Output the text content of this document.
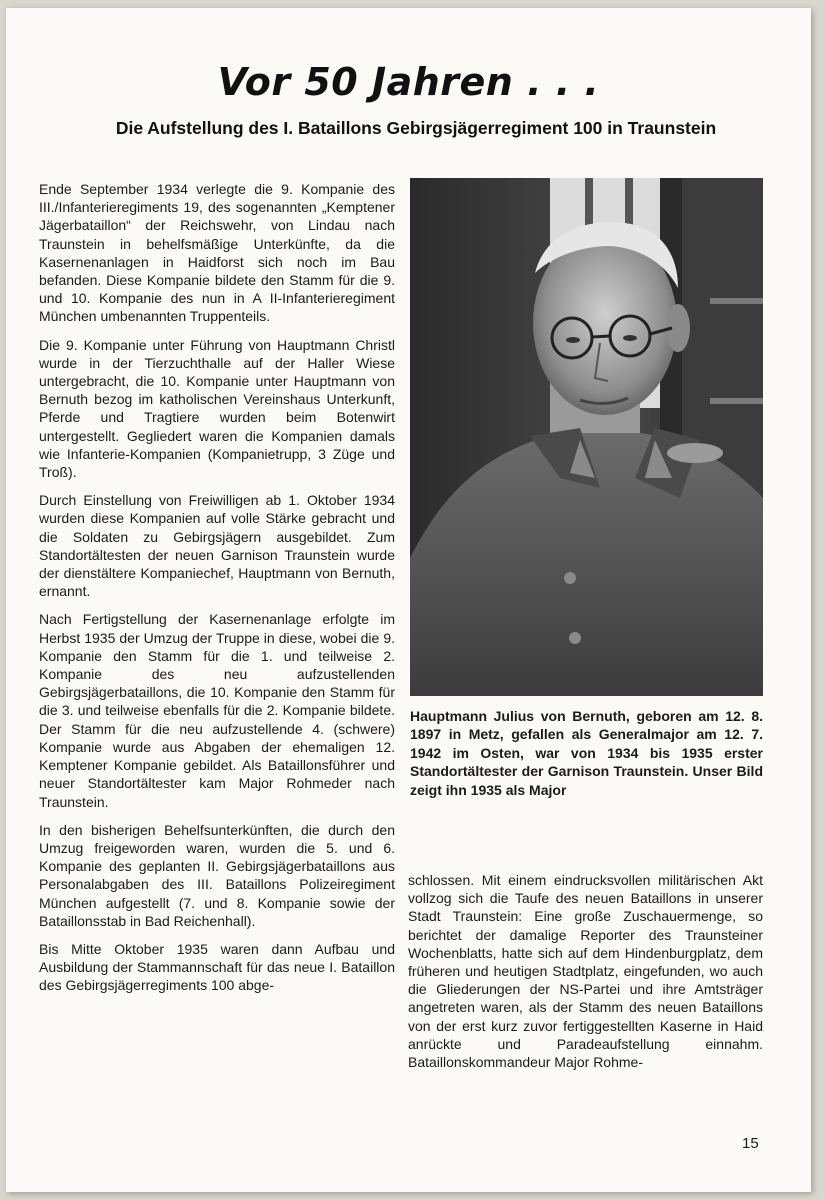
Vor 50 Jahren . . .
Die Aufstellung des I. Bataillons Gebirgsjägerregiment 100 in Traunstein

Ende September 1934 verlegte die 9. Kompanie des III./Infanterieregiments 19, des sogenannten „Kemptener Jägerbataillon“ der Reichswehr, von Lindau nach Traunstein in behelfsmäßige Unterkünfte, da die Kasernenanlagen in Haidforst sich noch im Bau befanden. Diese Kompanie bildete den Stamm für die 9. und 10. Kompanie des nun in A II-Infanterieregiment München umbenannten Truppenteils.

Die 9. Kompanie unter Führung von Hauptmann Christl wurde in der Tierzuchthalle auf der Haller Wiese untergebracht, die 10. Kompanie unter Hauptmann von Bernuth bezog im katholischen Vereinshaus Unterkunft, Pferde und Tragtiere wurden beim Botenwirt untergestellt. Gegliedert waren die Kompanien damals wie Infanterie-Kompanien (Kompanietrupp, 3 Züge und Troß).

Durch Einstellung von Freiwilligen ab 1. Oktober 1934 wurden diese Kompanien auf volle Stärke gebracht und die Soldaten zu Gebirgsjägern ausgebildet. Zum Standortältesten der neuen Garnison Traunstein wurde der dienstältere Kompaniechef, Hauptmann von Bernuth, ernannt.

Nach Fertigstellung der Kasernenanlage erfolgte im Herbst 1935 der Umzug der Truppe in diese, wobei die 9. Kompanie den Stamm für die 1. und teilweise 2. Kompanie des neu aufzustellenden Gebirgsjägerbataillons, die 10. Kompanie den Stamm für die 3. und teilweise ebenfalls für die 2. Kompanie bildete. Der Stamm für die neu aufzustellende 4. (schwere) Kompanie wurde aus Abgaben der ehemaligen 12. Kemptener Kompanie gebildet. Als Bataillonsführer und neuer Standortältester kam Major Rohmeder nach Traunstein.

In den bisherigen Behelfsunterkünften, die durch den Umzug freigeworden waren, wurden die 5. und 6. Kompanie des geplanten II. Gebirgsjägerbataillons aus Personalabgaben des III. Bataillons Polizeiregiment München aufgestellt (7. und 8. Kompanie sowie der Bataillonsstab in Bad Reichenhall).

Bis Mitte Oktober 1935 waren dann Aufbau und Ausbildung der Stammannschaft für das neue I. Bataillon des Gebirgsjägerregiments 100 abge-

Hauptmann Julius von Bernuth, geboren am 12. 8. 1897 in Metz, gefallen als Generalmajor am 12. 7. 1942 im Osten, war von 1934 bis 1935 erster Standortältester der Garnison Traunstein. Unser Bild zeigt ihn 1935 als Major

schlossen. Mit einem eindrucksvollen militärischen Akt vollzog sich die Taufe des neuen Bataillons in unserer Stadt Traunstein: Eine große Zuschauermenge, so berichtet der damalige Reporter des Traunsteiner Wochenblatts, hatte sich auf dem Hindenburgplatz, dem früheren und heutigen Stadtplatz, eingefunden, wo auch die Gliederungen der NS-Partei und ihre Amtsträger angetreten waren, als der Stamm des neuen Bataillons von der erst kurz zuvor fertiggestellten Kaserne in Haid anrückte und Paradeaufstellung einnahm. Bataillonskommandeur Major Rohme-

15
